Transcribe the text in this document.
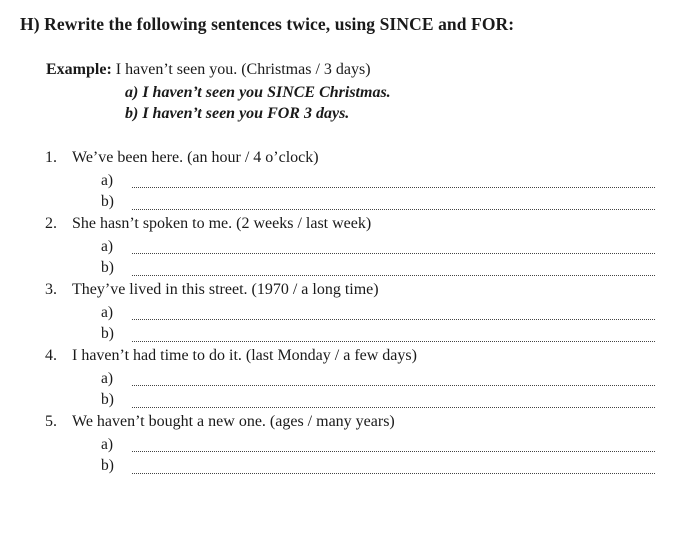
H) Rewrite the following sentences twice, using SINCE and FOR:
Example: I haven’t seen you. (Christmas / 3 days)
a) I haven’t seen you SINCE Christmas.
b) I haven’t seen you FOR 3 days.
1. We’ve been here. (an hour / 4 o’clock)
a)
b)
2. She hasn’t spoken to me. (2 weeks / last week)
a)
b)
3. They’ve lived in this street. (1970 / a long time)
a)
b)
4. I haven’t had time to do it. (last Monday / a few days)
a)
b)
5. We haven’t bought a new one. (ages / many years)
a)
b)
